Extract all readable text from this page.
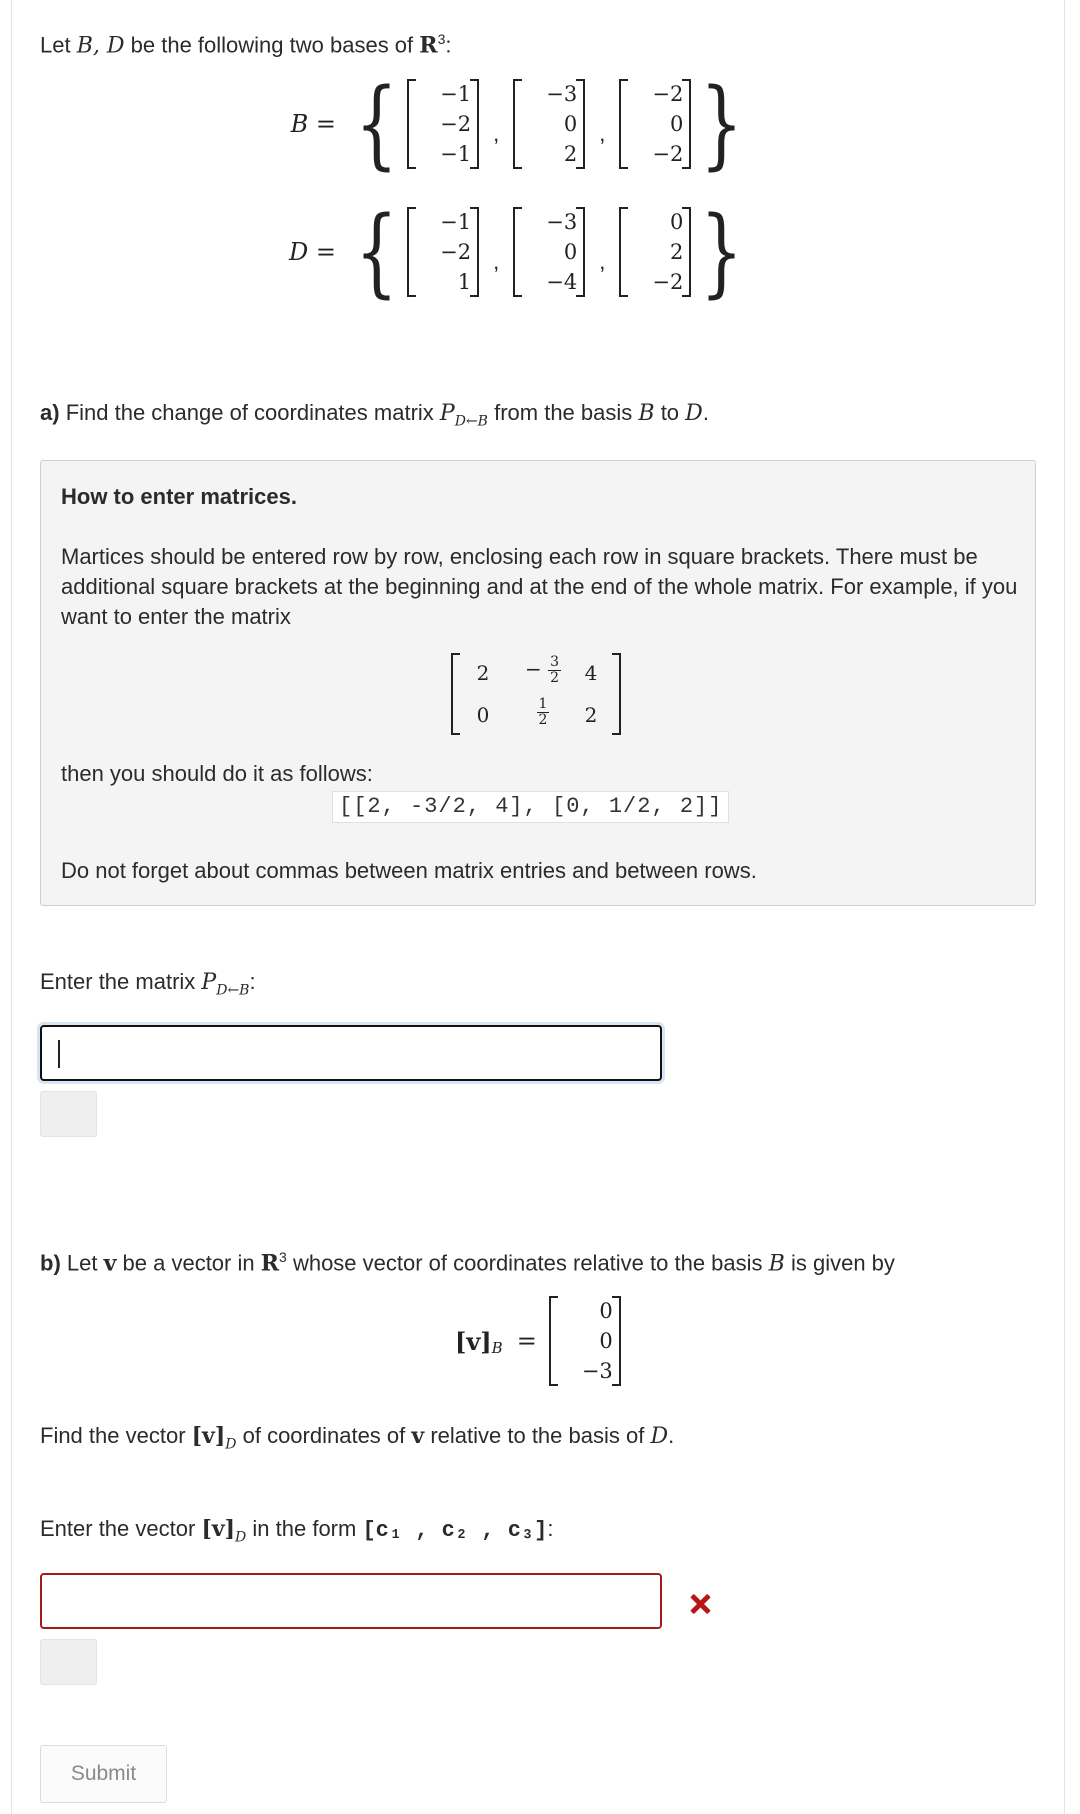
Let B, D be the following two bases of $R^3$:
B = { −1
−2
−1
,
−3
0
2
,
−2
0
−2 }
D = { −1
−2
1
,
−3
0
−4
,
0
2
−2 }
a) Find the change of coordinates matrix $P_{D\leftarrow B}$ from the basis B to D.
How to enter matrices.
Martices should be entered row by row, enclosing each row in square brackets. There must be additional square brackets at the beginning and at the end of the whole matrix. For example, if you want to enter the matrix
2	− $\frac{3}{2}$	4
0	$\frac{1}{2}$	2
then you should do it as follows:
[[2, -3/2, 4], [0, 1/2, 2]]
Do not forget about commas between matrix entries and between rows.
Enter the matrix $P_{D\leftarrow B}$:
b) Let v be a vector in $R^3$ whose vector of coordinates relative to the basis B is given by
$[v]_B$ =
0
0
−3
Find the vector $[v]_D$ of coordinates of v relative to the basis of D.
Enter the vector $[v]_D$ in the form [c₁ , c₂ , c₃]:
Submit
